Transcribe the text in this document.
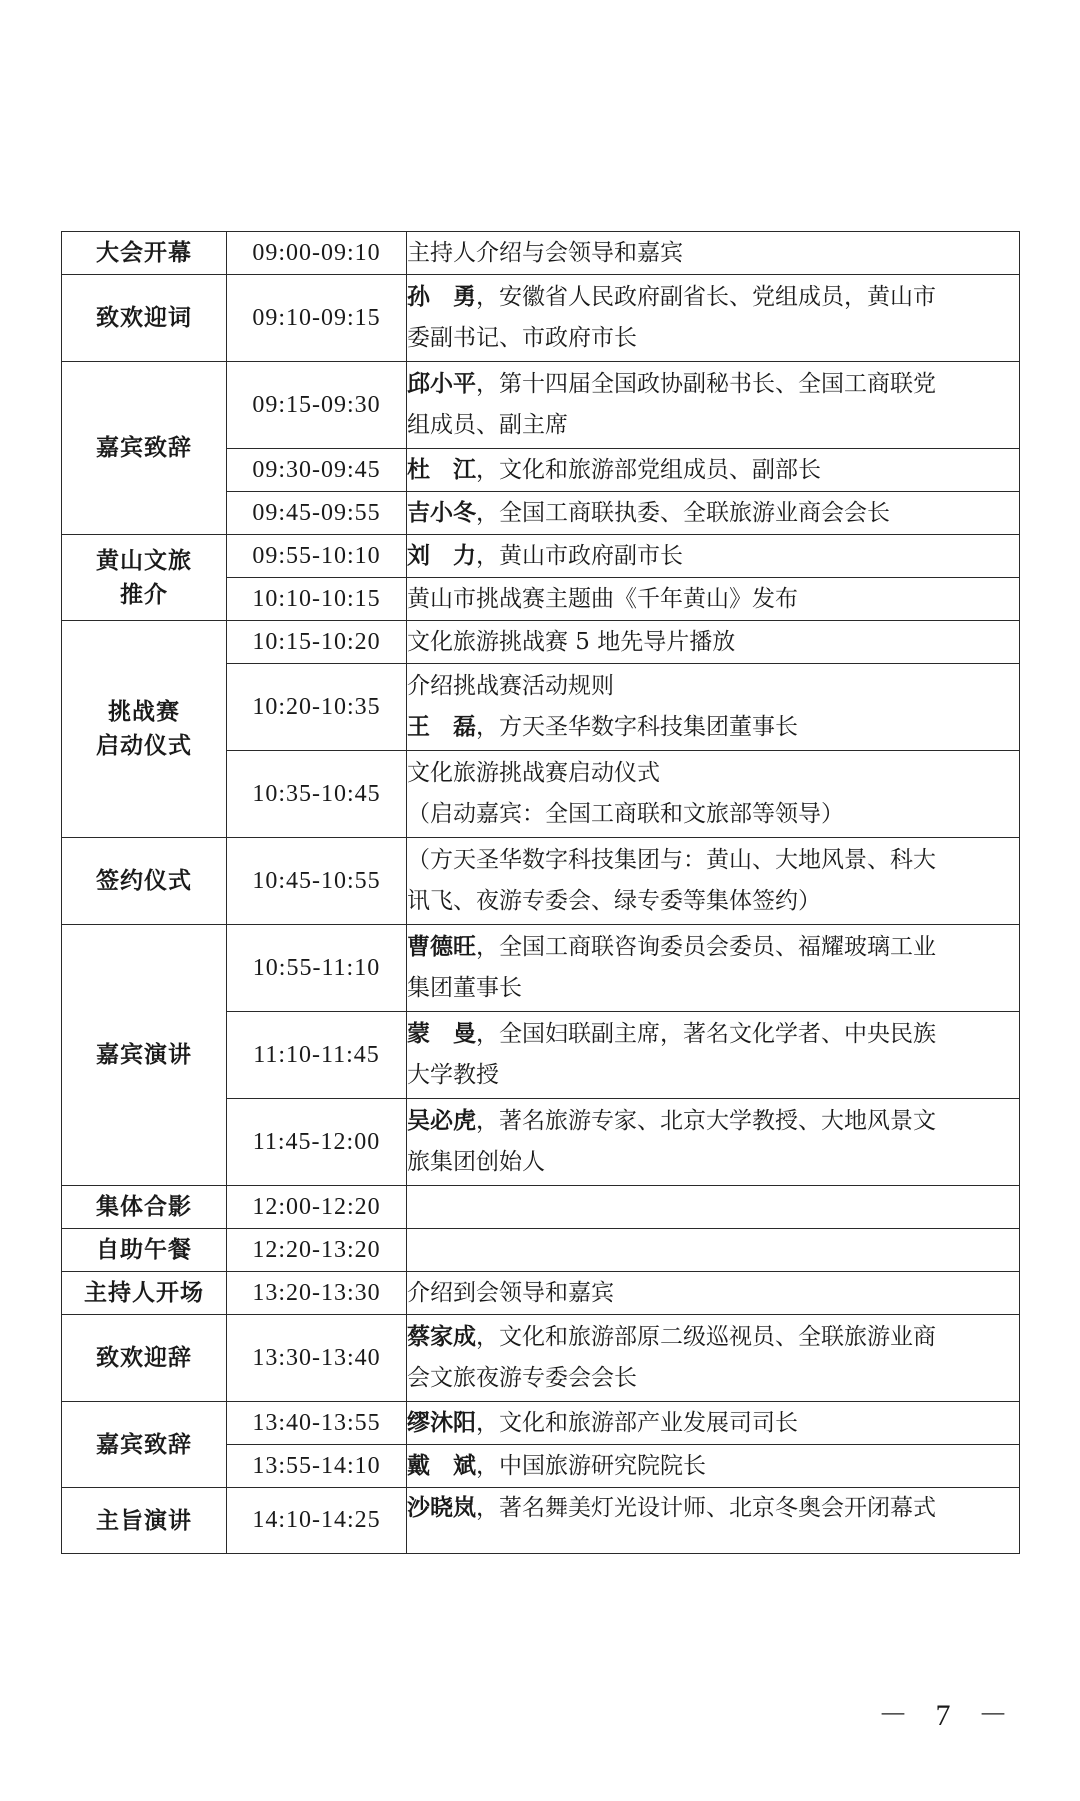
大会开幕	09:00-09:10	主持人介绍与会领导和嘉宾

致欢迎词	09:10-09:15	孙　勇，安徽省人民政府副省长、党组成员，黄山市
委副书记、市政府市长

嘉宾致辞	09:15-09:30	邱小平，第十四届全国政协副秘书长、全国工商联党
组成员、副主席

	09:30-09:45	杜　江，文化和旅游部党组成员、副部长

	09:45-09:55	吉小冬，全国工商联执委、全联旅游业商会会长

黄山文旅
推介	09:55-10:10	刘　力，黄山市政府副市长

	10:10-10:15	黄山市挑战赛主题曲《千年黄山》发布

挑战赛
启动仪式	10:15-10:20	文化旅游挑战赛 5 地先导片播放

	10:20-10:35	介绍挑战赛活动规则
王　磊，方天圣华数字科技集团董事长

	10:35-10:45	文化旅游挑战赛启动仪式
（启动嘉宾：全国工商联和文旅部等领导）

签约仪式	10:45-10:55	（方天圣华数字科技集团与：黄山、大地风景、科大
讯飞、夜游专委会、绿专委等集体签约）

嘉宾演讲	10:55-11:10	曹德旺，全国工商联咨询委员会委员、福耀玻璃工业
集团董事长

	11:10-11:45	蒙　曼，全国妇联副主席，著名文化学者、中央民族
大学教授

	11:45-12:00	吴必虎，著名旅游专家、北京大学教授、大地风景文
旅集团创始人

集体合影	12:00-12:20	

自助午餐	12:20-13:20	

主持人开场	13:20-13:30	介绍到会领导和嘉宾

致欢迎辞	13:30-13:40	蔡家成，文化和旅游部原二级巡视员、全联旅游业商
会文旅夜游专委会会长

嘉宾致辞	13:40-13:55	缪沐阳，文化和旅游部产业发展司司长

	13:55-14:10	戴　斌，中国旅游研究院院长

主旨演讲	14:10-14:25	沙晓岚，著名舞美灯光设计师、北京冬奥会开闭幕式
－ 7 －
